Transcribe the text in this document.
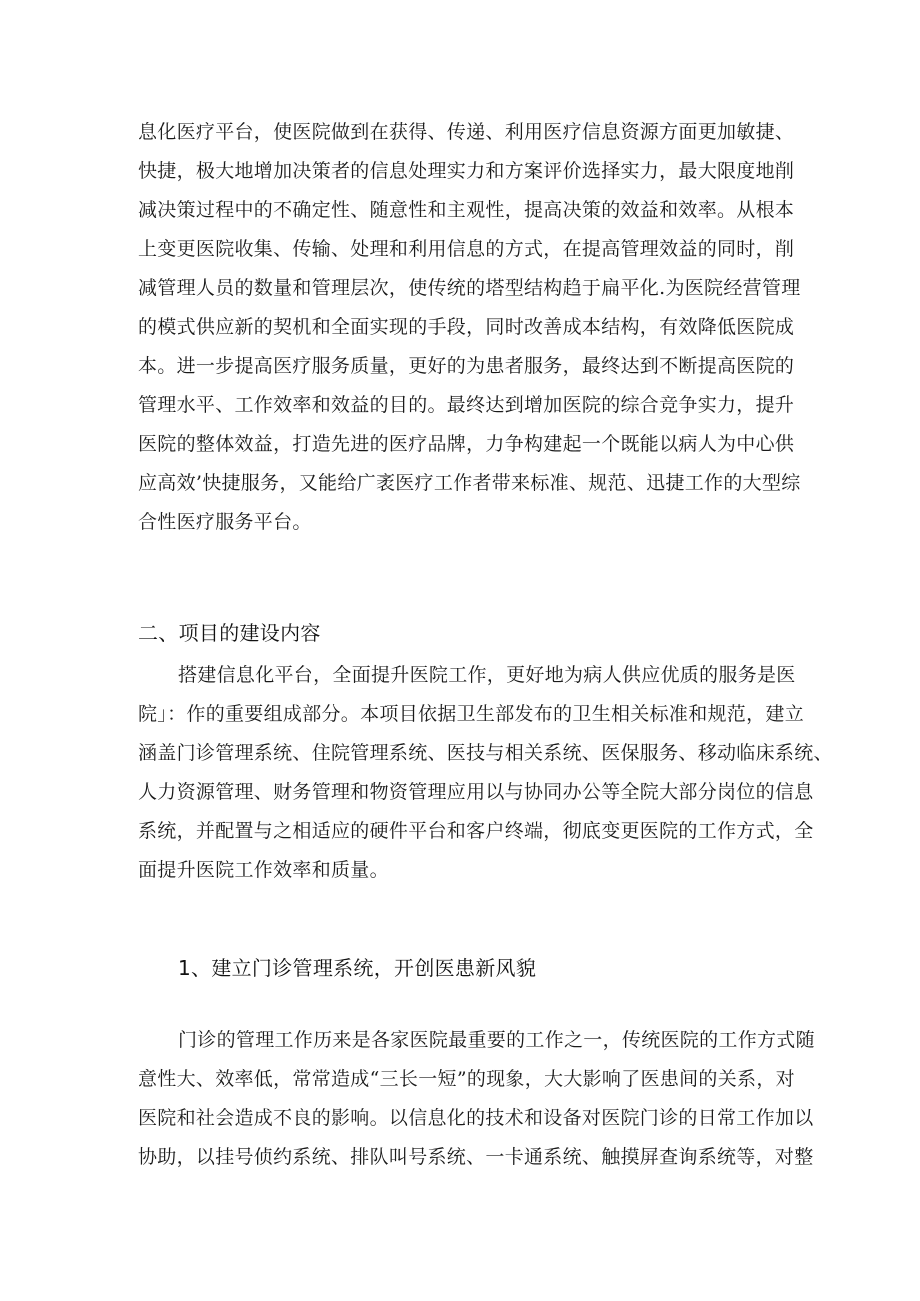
息化医疗平台，使医院做到在获得、传递、利用医疗信息资源方面更加敏捷、
快捷，极大地增加决策者的信息处理实力和方案评价选择实力，最大限度地削
减决策过程中的不确定性、随意性和主观性，提高决策的效益和效率。从根本
上变更医院收集、传输、处理和利用信息的方式，在提高管理效益的同时，削
减管理人员的数量和管理层次，使传统的塔型结构趋于扁平化.为医院经营管理
的模式供应新的契机和全面实现的手段，同时改善成本结构，有效降低医院成
本。进一步提高医疗服务质量，更好的为患者服务，最终达到不断提高医院的
管理水平、工作效率和效益的目的。最终达到增加医院的综合竞争实力，提升
医院的整体效益，打造先进的医疗品牌，力争构建起一个既能以病人为中心供
应高效’快捷服务，又能给广袤医疗工作者带来标准、规范、迅捷工作的大型综
合性医疗服务平台。
二、项目的建设内容
搭建信息化平台，全面提升医院工作，更好地为病人供应优质的服务是医
院」：作的重要组成部分。本项目依据卫生部发布的卫生相关标准和规范，建立
涵盖门诊管理系统、住院管理系统、医技与相关系统、医保服务、移动临床系统、
人力资源管理、财务管理和物资管理应用以与协同办公等全院大部分岗位的信息
系统，并配置与之相适应的硬件平台和客户终端，彻底变更医院的工作方式，全
面提升医院工作效率和质量。
1、建立门诊管理系统，开创医患新风貌
门诊的管理工作历来是各家医院最重要的工作之一，传统医院的工作方式随
意性大、效率低，常常造成“三长一短”的现象，大大影响了医患间的关系，对
医院和社会造成不良的影响。以信息化的技术和设备对医院门诊的日常工作加以
协助，以挂号侦约系统、排队叫号系统、一卡通系统、触摸屏查询系统等，对整
